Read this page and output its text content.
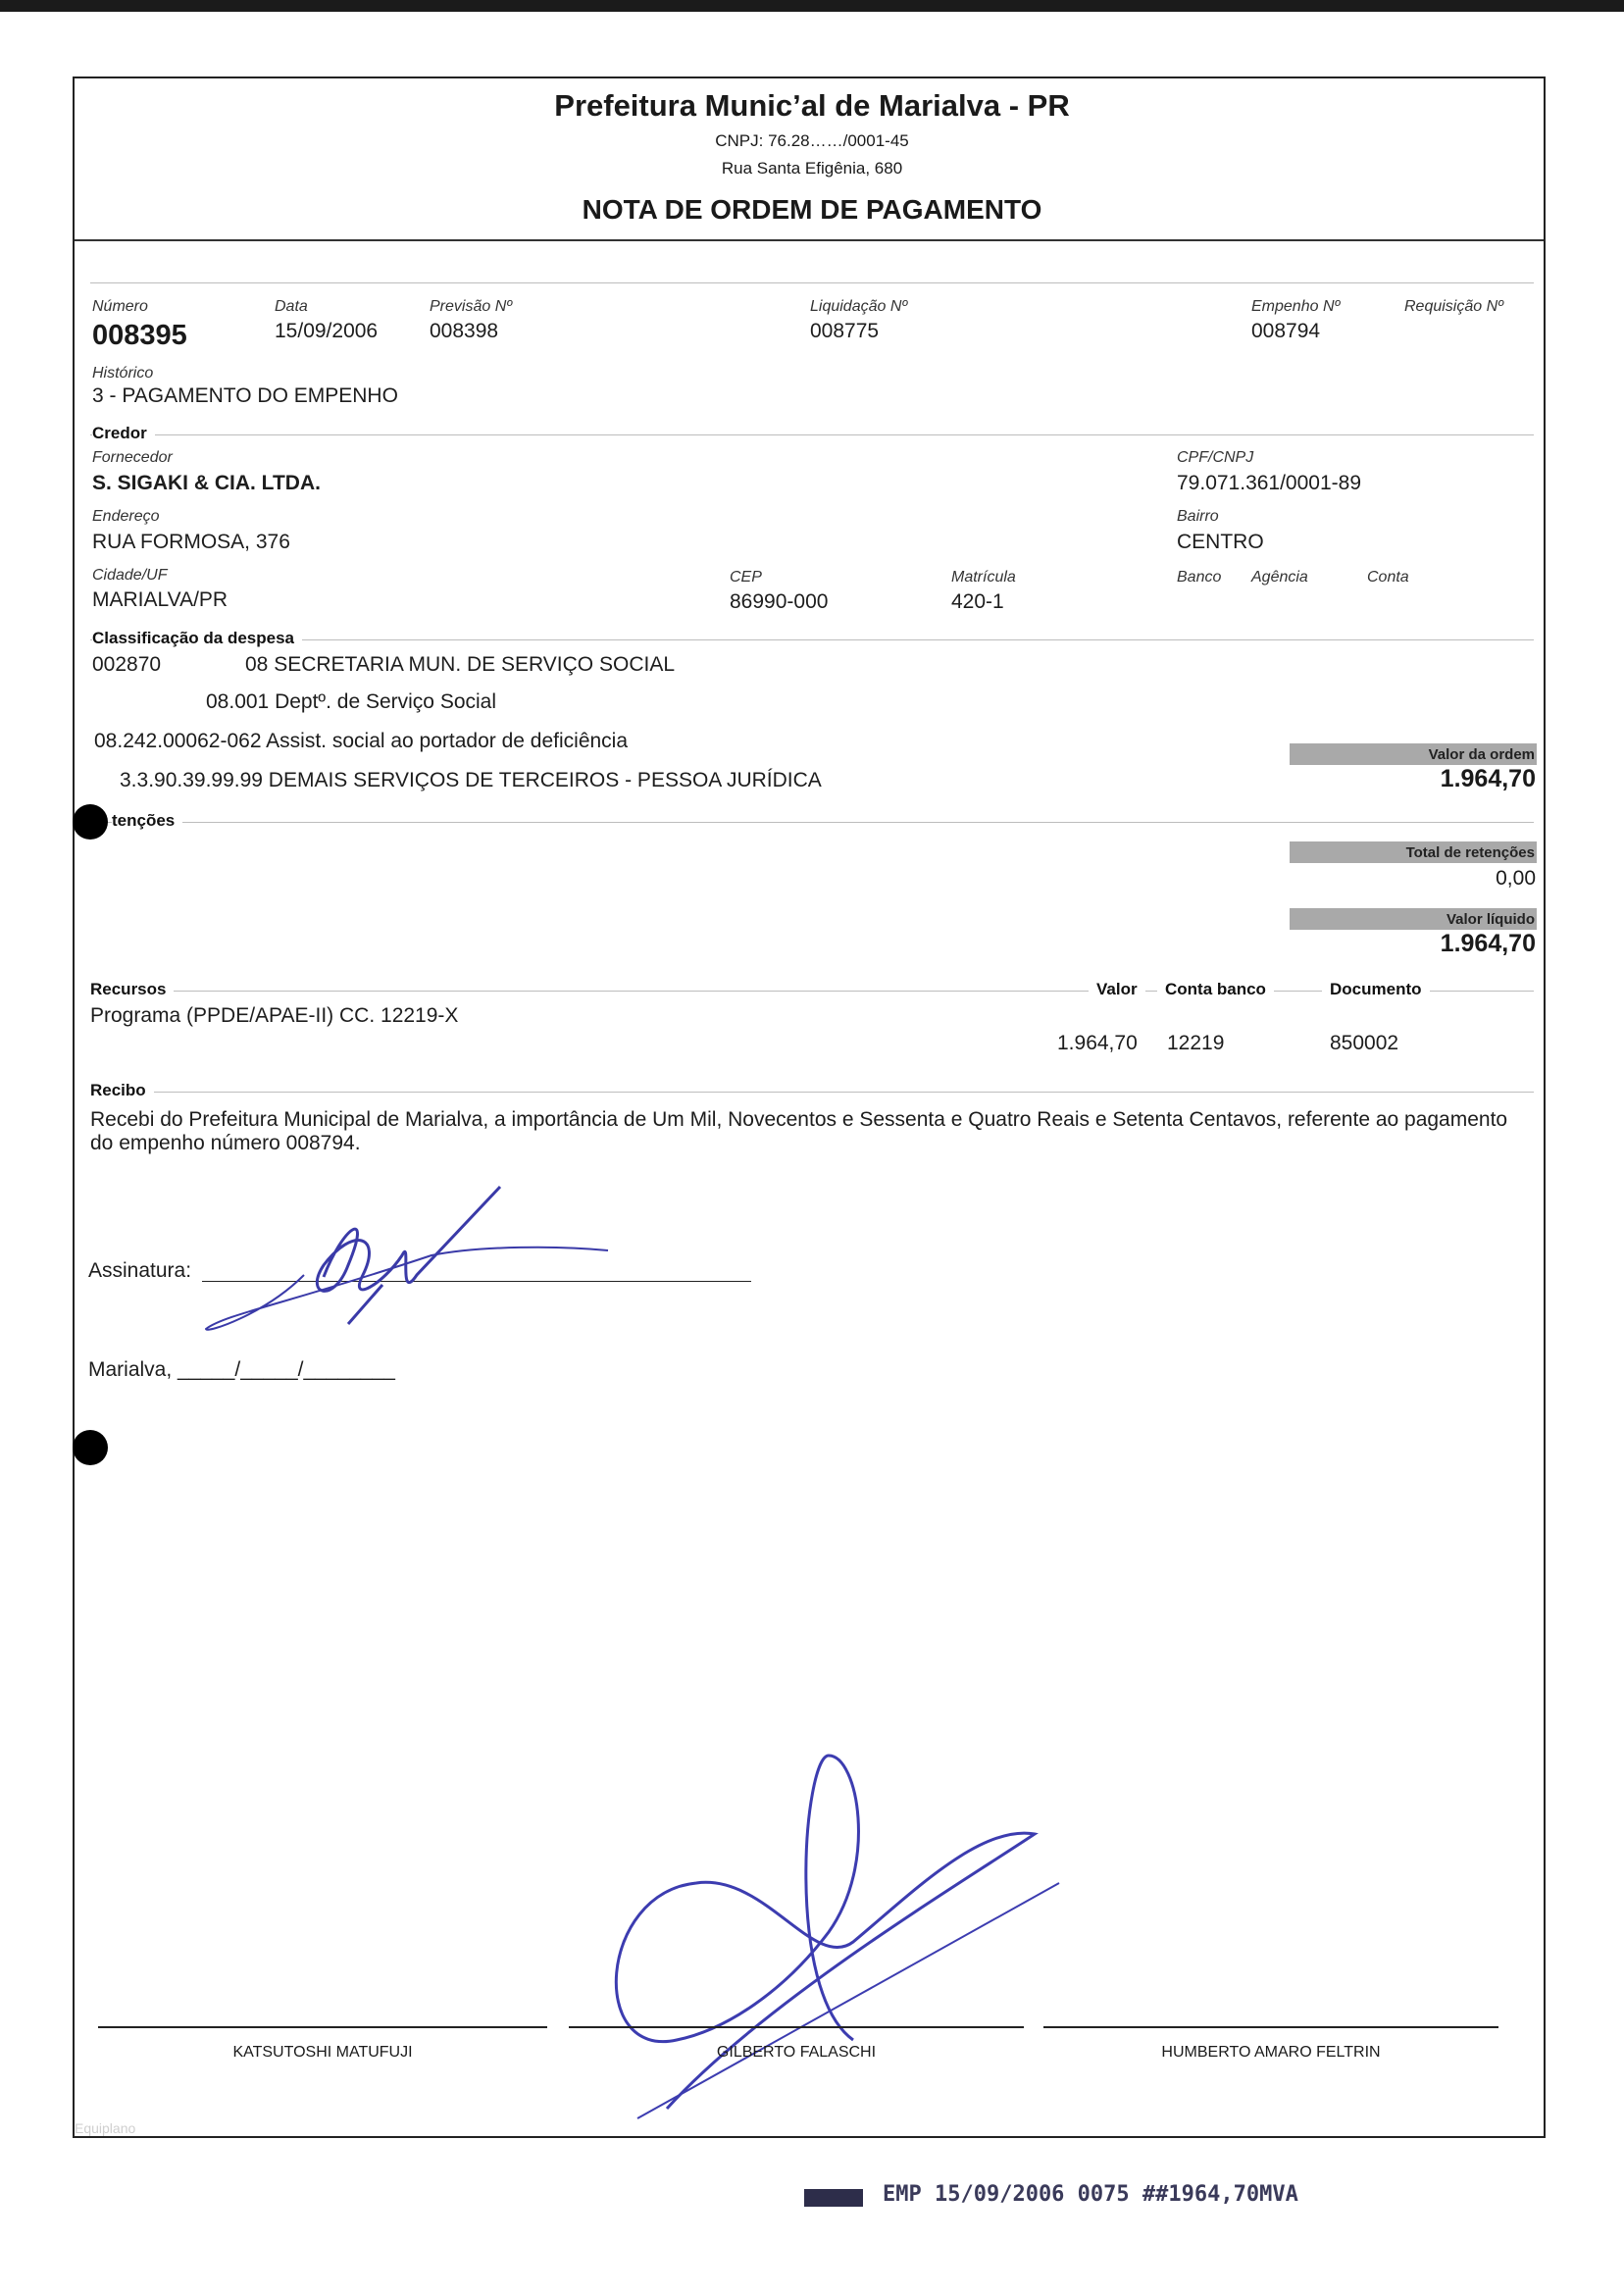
Prefeitura Municʼal de Marialva - PR
CNPJ: 76.28……/0001-45
Rua Santa Efigênia, 680
NOTA DE ORDEM DE PAGAMENTO
Número
008395
Data
15/09/2006
Previsão Nº
008398
Liquidação Nº
008775
Empenho Nº
008794
Requisição Nº
Histórico
3 - PAGAMENTO DO EMPENHO
Credor
Fornecedor
S. SIGAKI & CIA. LTDA.
CPF/CNPJ
79.071.361/0001-89
Endereço
RUA FORMOSA, 376
Bairro
CENTRO
Cidade/UF
MARIALVA/PR
CEP
86990-000
Matrícula
420-1
Banco Agência	Conta
Classificação da despesa
002870	08 SECRETARIA MUN. DE SERVIÇO SOCIAL
08.001 Deptº. de Serviço Social
08.242.00062-062 Assist. social ao portador de deficiência
3.3.90.39.99.99 DEMAIS SERVIÇOS DE TERCEIROS - PESSOA JURÍDICA
Valor da ordem
1.964,70
tenções
Total de retenções
0,00
Valor líquido
1.964,70
Recursos	Valor	Conta banco	Documento
Programa (PPDE/APAE-II) CC. 12219-X
1.964,70 12219	850002
Recibo
Recebi do Prefeitura Municipal de Marialva, a importância de Um Mil, Novecentos e Sessenta e Quatro Reais e Setenta Centavos, referente ao pagamento do empenho número 008794.
Assinatura:
Marialva, _____/_____/________
KATSUTOSHI MATUFUJI	GILBERTO FALASCHI	HUMBERTO AMARO FELTRIN
Equiplano
EMP 15/09/2006 0075 ##1964,70MVA
